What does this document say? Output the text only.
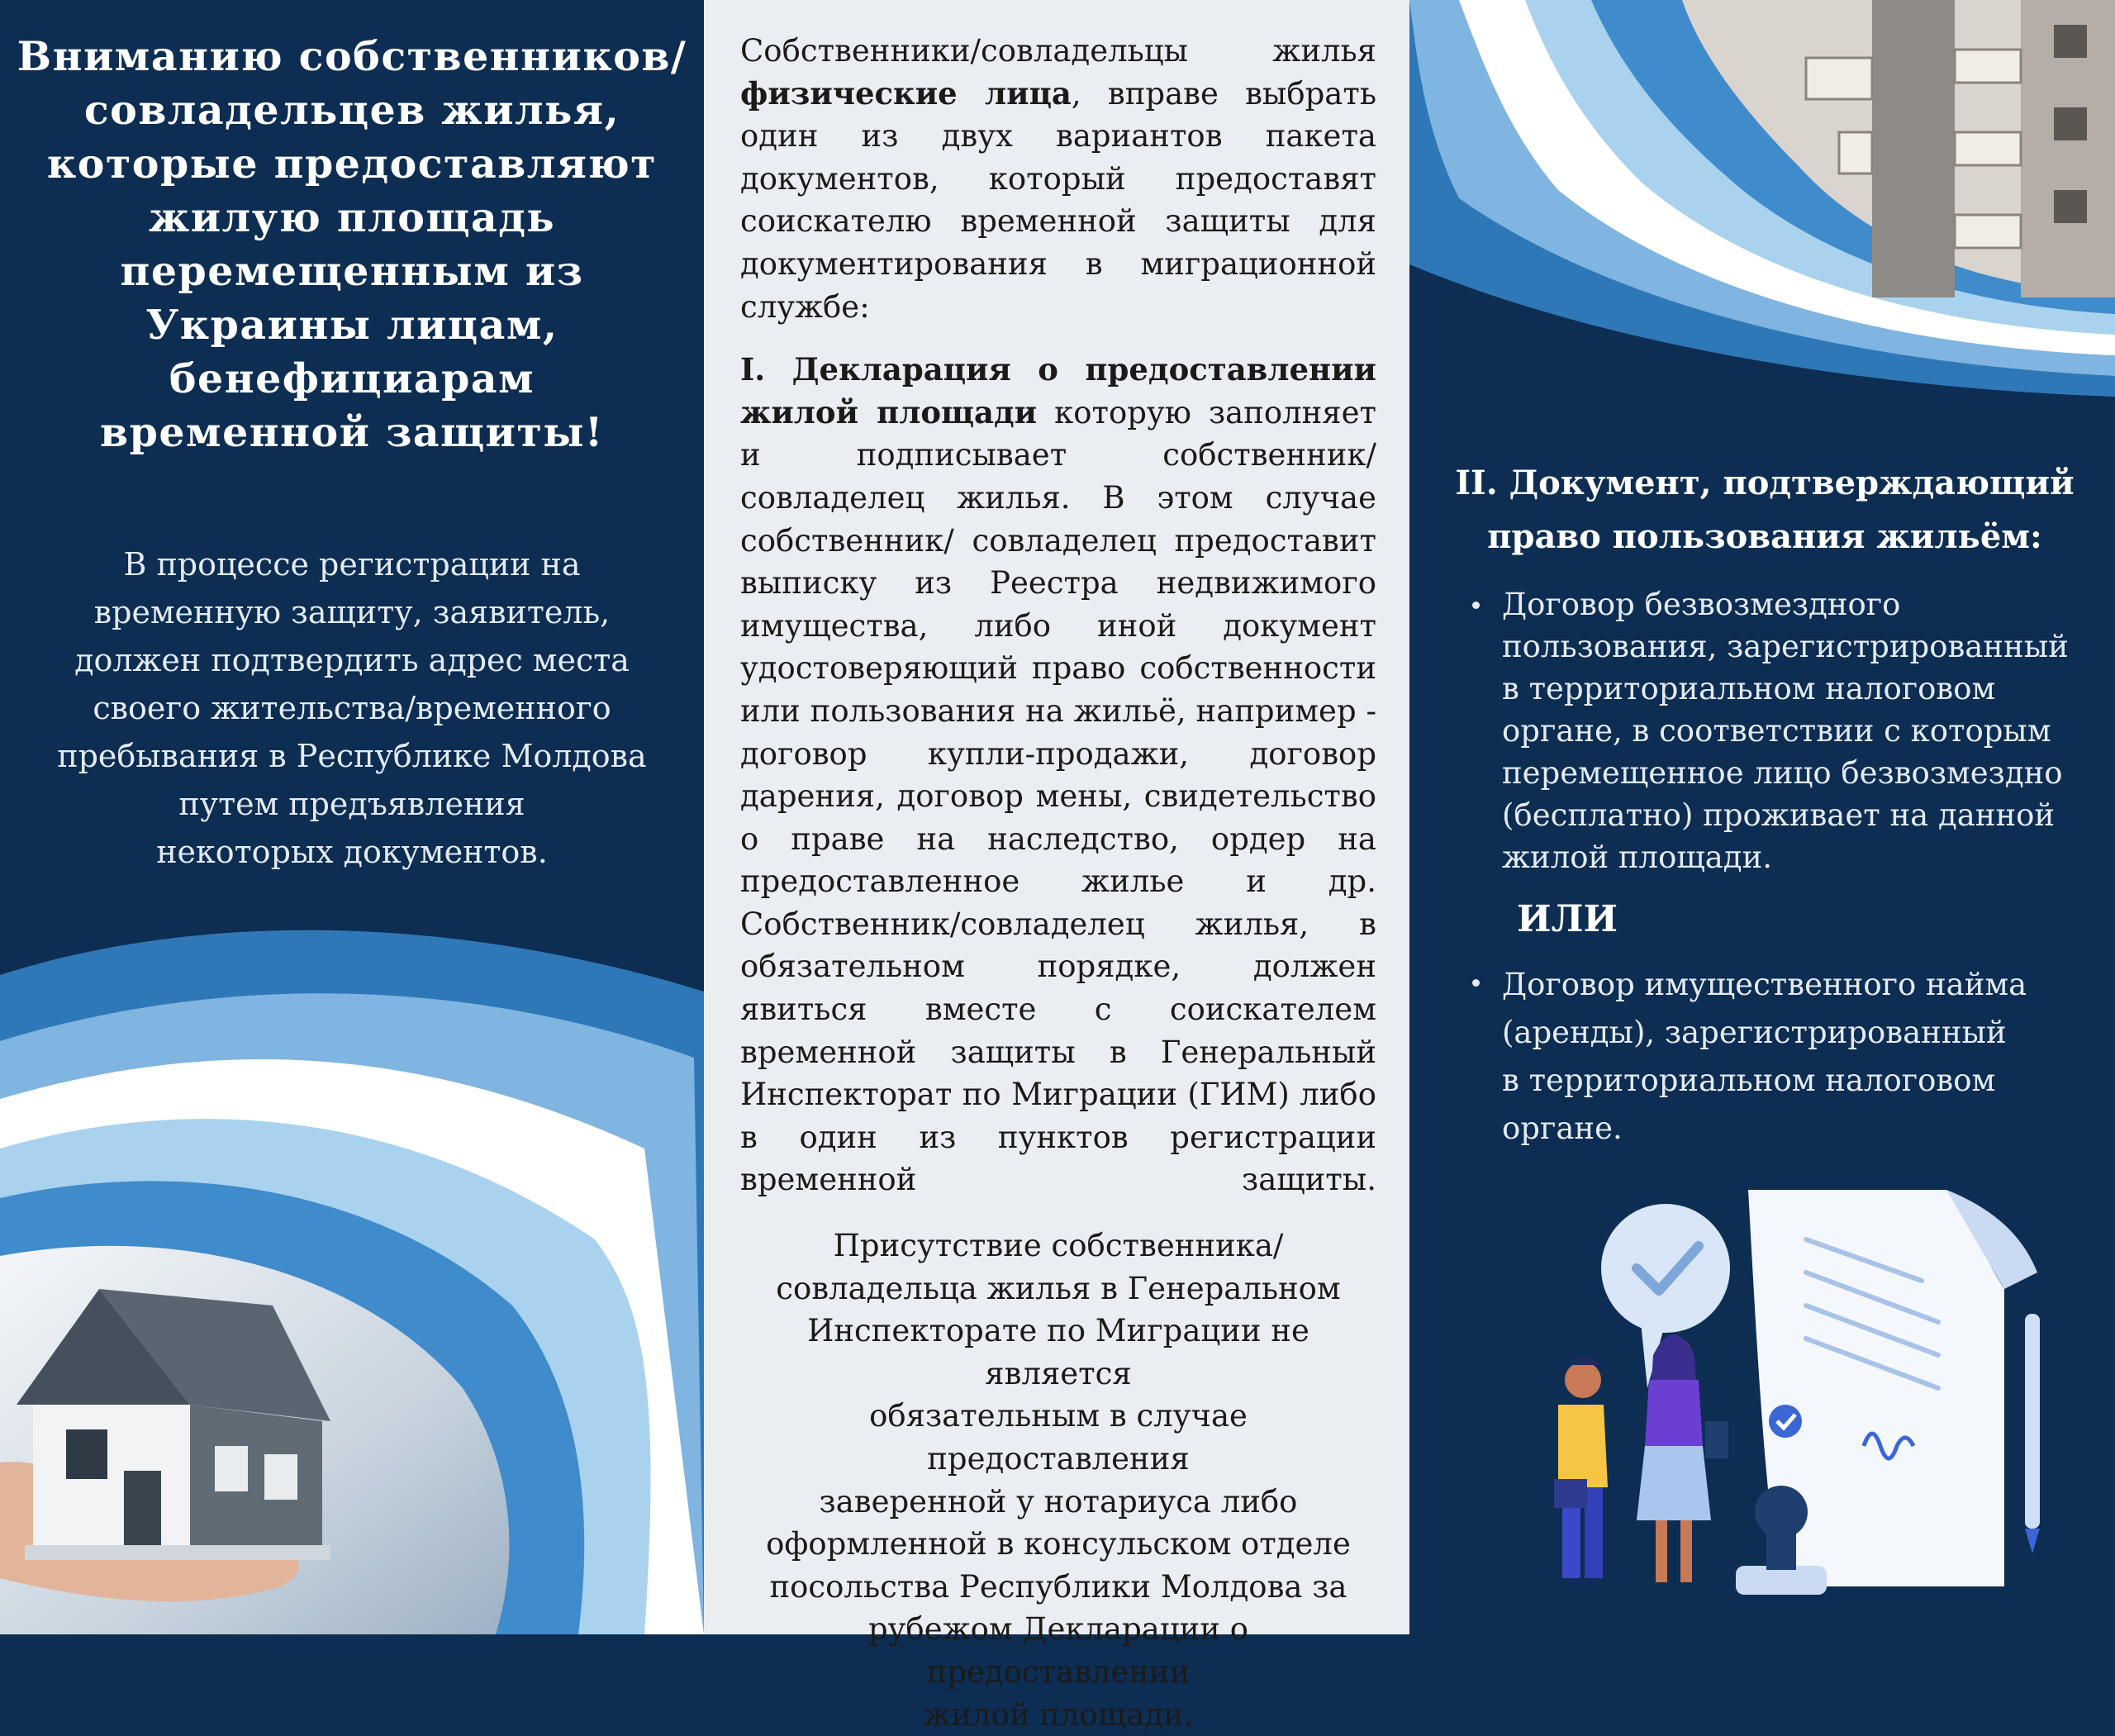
Вниманию собственников/
совладельцев жилья,
которые предоставляют
жилую площадь
перемещенным из
Украины лицам,
бенефициарам
временной защиты!
В процессе регистрации на
временную защиту, заявитель,
должен подтвердить адрес места
своего жительства/временного
пребывания в Республике Молдова
путем предъявления
некоторых документов.

Собственники/совладельцы жилья физические лица, вправе выбрать один из двух вариантов пакета документов, который предоставят соискателю временной защиты для документирования в миграционной службе:

I. Декларация о предоставлении жилой площади которую заполняет и подписывает собственник/совладелец жилья. В этом случае собственник/ совладелец предоставит выписку из Реестра недвижимого имущества, либо иной документ удостоверяющий право собственности или пользования на жильё, например - договор купли-продажи, договор дарения, договор мены, свидетельство о праве на наследство, ордер на предоставленное жилье и др.

Собственник/совладелец жилья, в обязательном порядке, должен явиться вместе с соискателем временной защиты в Генеральный Инспекторат по Миграции (ГИМ) либо в один из пунктов регистрации временной защиты.

Присутствие собственника/
совладельца жилья в Генеральном
Инспекторате по Миграции не является
обязательным в случае предоставления
заверенной у нотариуса либо
оформленной в консульском отделе
посольства Республики Молдова за
рубежом Декларации о предоставлении
жилой площади.
II. Документ, подтверждающий
право пользования жильём:
Договор безвозмездного
пользования, зарегистрированный
в территориальном налоговом
органе, в соответствии с которым
перемещенное лицо безвозмездно
(бесплатно) проживает на данной
жилой площади.
ИЛИ
Договор имущественного найма
(аренды), зарегистрированный
в территориальном налоговом
органе.
